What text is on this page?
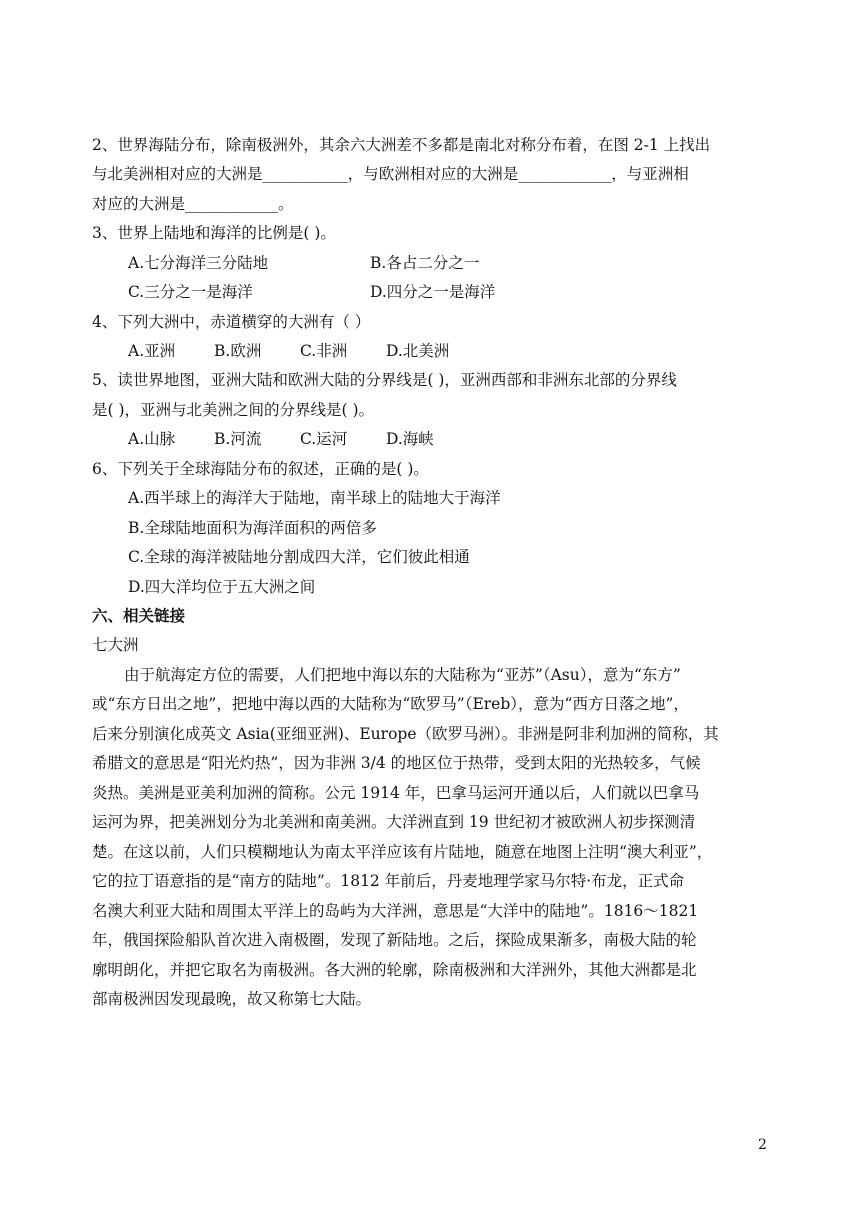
2、世界海陆分布，除南极洲外，其余六大洲差不多都是南北对称分布着，在图 2-1 上找出
与北美洲相对应的大洲是___________，与欧洲相对应的大洲是____________，与亚洲相
对应的大洲是____________。
3、世界上陆地和海洋的比例是( )。
A.七分海洋三分陆地	B.各占二分之一
C.三分之一是海洋	D.四分之一是海洋
4、下列大洲中，赤道横穿的大洲有（ ）
A.亚洲	B.欧洲 C.非洲	D.北美洲
5、读世界地图，亚洲大陆和欧洲大陆的分界线是( )，亚洲西部和非洲东北部的分界线
是( )，亚洲与北美洲之间的分界线是( )。
A.山脉	B.河流 C.运河	D.海峡
6、下列关于全球海陆分布的叙述，正确的是( )。
A.西半球上的海洋大于陆地，南半球上的陆地大于海洋
B.全球陆地面积为海洋面积的两倍多
C.全球的海洋被陆地分割成四大洋，它们彼此相通
D.四大洋均位于五大洲之间
六、相关链接
七大洲
由于航海定方位的需要，人们把地中海以东的大陆称为“亚苏”（Asu），意为“东方”
或“东方日出之地”，把地中海以西的大陆称为“欧罗马”（Ereb），意为“西方日落之地”，
后来分别演化成英文 Asia(亚细亚洲)、Europe（欧罗马洲）。非洲是阿非利加洲的简称，其
希腊文的意思是“阳光灼热”，因为非洲 3/4 的地区位于热带，受到太阳的光热较多，气候
炎热。美洲是亚美利加洲的简称。公元 1914 年，巴拿马运河开通以后，人们就以巴拿马
运河为界，把美洲划分为北美洲和南美洲。大洋洲直到 19 世纪初才被欧洲人初步探测清
楚。在这以前，人们只模糊地认为南太平洋应该有片陆地，随意在地图上注明“澳大利亚”，
它的拉丁语意指的是“南方的陆地”。1812 年前后，丹麦地理学家马尔特·布龙，正式命
名澳大利亚大陆和周围太平洋上的岛屿为大洋洲，意思是“大洋中的陆地”。1816～1821
年，俄国探险船队首次进入南极圈，发现了新陆地。之后，探险成果渐多，南极大陆的轮
廓明朗化，并把它取名为南极洲。各大洲的轮廓，除南极洲和大洋洲外，其他大洲都是北
部南极洲因发现最晚，故又称第七大陆。
2
